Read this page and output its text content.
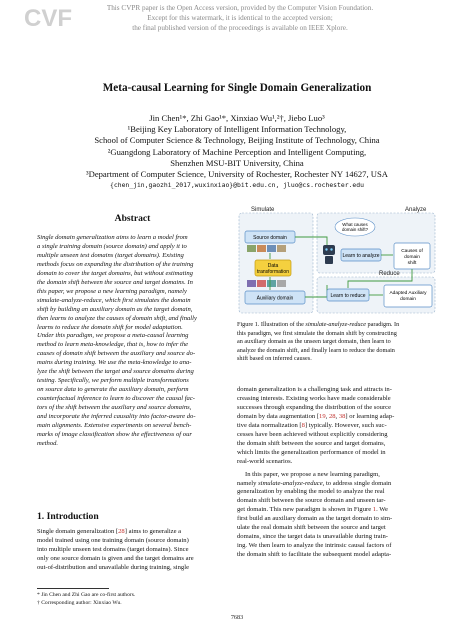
CVF	This CVPR paper is the Open Access version, provided by the Computer Vision Foundation.
Except for this watermark, it is identical to the accepted version;
the final published version of the proceedings is available on IEEE Xplore.
Meta-causal Learning for Single Domain Generalization
Jin Chen¹*, Zhi Gao¹*, Xinxiao Wu¹,²†, Jiebo Luo³
¹Beijing Key Laboratory of Intelligent Information Technology,
School of Computer Science & Technology, Beijing Institute of Technology, China
²Guangdong Laboratory of Machine Perception and Intelligent Computing,
Shenzhen MSU-BIT University, China
³Department of Computer Science, University of Rochester, Rochester NY 14627, USA
{chen_jin,gaozhi_2017,wuxinxiao}@bit.edu.cn, jluo@cs.rochester.edu
Abstract
Single domain generalization aims to learn a model from
a single training domain (source domain) and apply it to
multiple unseen test domains (target domains). Existing
methods focus on expanding the distribution of the training
domain to cover the target domains, but without estimating
the domain shift between the source and target domains. In
this paper, we propose a new learning paradigm, namely
simulate-analyze-reduce, which first simulates the domain
shift by building an auxiliary domain as the target domain,
then learns to analyze the causes of domain shift, and finally
learns to reduce the domain shift for model adaptation.
Under this paradigm, we propose a meta-causal learning
method to learn meta-knowledge, that is, how to infer the
causes of domain shift between the auxiliary and source do-
mains during training. We use the meta-knowledge to ana-
lyze the shift between the target and source domains during
testing. Specifically, we perform multiple transformations
on source data to generate the auxiliary domain, perform
counterfactual inference to learn to discover the causal fac-
tors of the shift between the auxiliary and source domains,
and incorporate the inferred causality into factor-aware do-
main alignments. Extensive experiments on several bench-
marks of image classification show the effectiveness of our
method.
1. Introduction
Single domain generalization [28] aims to generalize a
model trained using one training domain (source domain)
into multiple unseen test domains (target domains). Since
only one source domain is given and the target domains are
out-of-distribution and unavailable during training, single
* Jin Chen and Zhi Gao are co-first authors.
† Corresponding author: Xinxiao Wu.
Simulate	Analyze
Reduce
Source domain
Data
transformation
Auxiliary domain
What causes
domain shift?
Learn to analyze
Causes of
domain
shift
Learn to reduce	Adapted Auxiliary
domain
Figure 1. Illustration of the simulate-analyze-reduce paradigm. In
this paradigm, we first simulate the domain shift by constructing
an auxiliary domain as the unseen target domain, then learn to
analyze the domain shift, and finally learn to reduce the domain
shift based on inferred causes.
domain generalization is a challenging task and attracts in-
creasing interests. Existing works have made considerable
successes through expanding the distribution of the source
domain by data augmentation [19, 28, 38] or learning adap-
tive data normalization [8] typically. However, such suc-
cesses have been achieved without explicitly considering
the domain shift between the source and target domains,
which limits the generalization performance of model in
real-world scenarios.
In this paper, we propose a new learning paradigm,
namely simulate-analyze-reduce, to address single domain
generalization by enabling the model to analyze the real
domain shift between the source domain and unseen tar-
get domain. This new paradigm is shown in Figure 1. We
first build an auxiliary domain as the target domain to sim-
ulate the real domain shift between the source and target
domains, since the target data is unavailable during train-
ing. We then learn to analyze the intrinsic causal factors of
the domain shift to facilitate the subsequent model adapta-
7683
